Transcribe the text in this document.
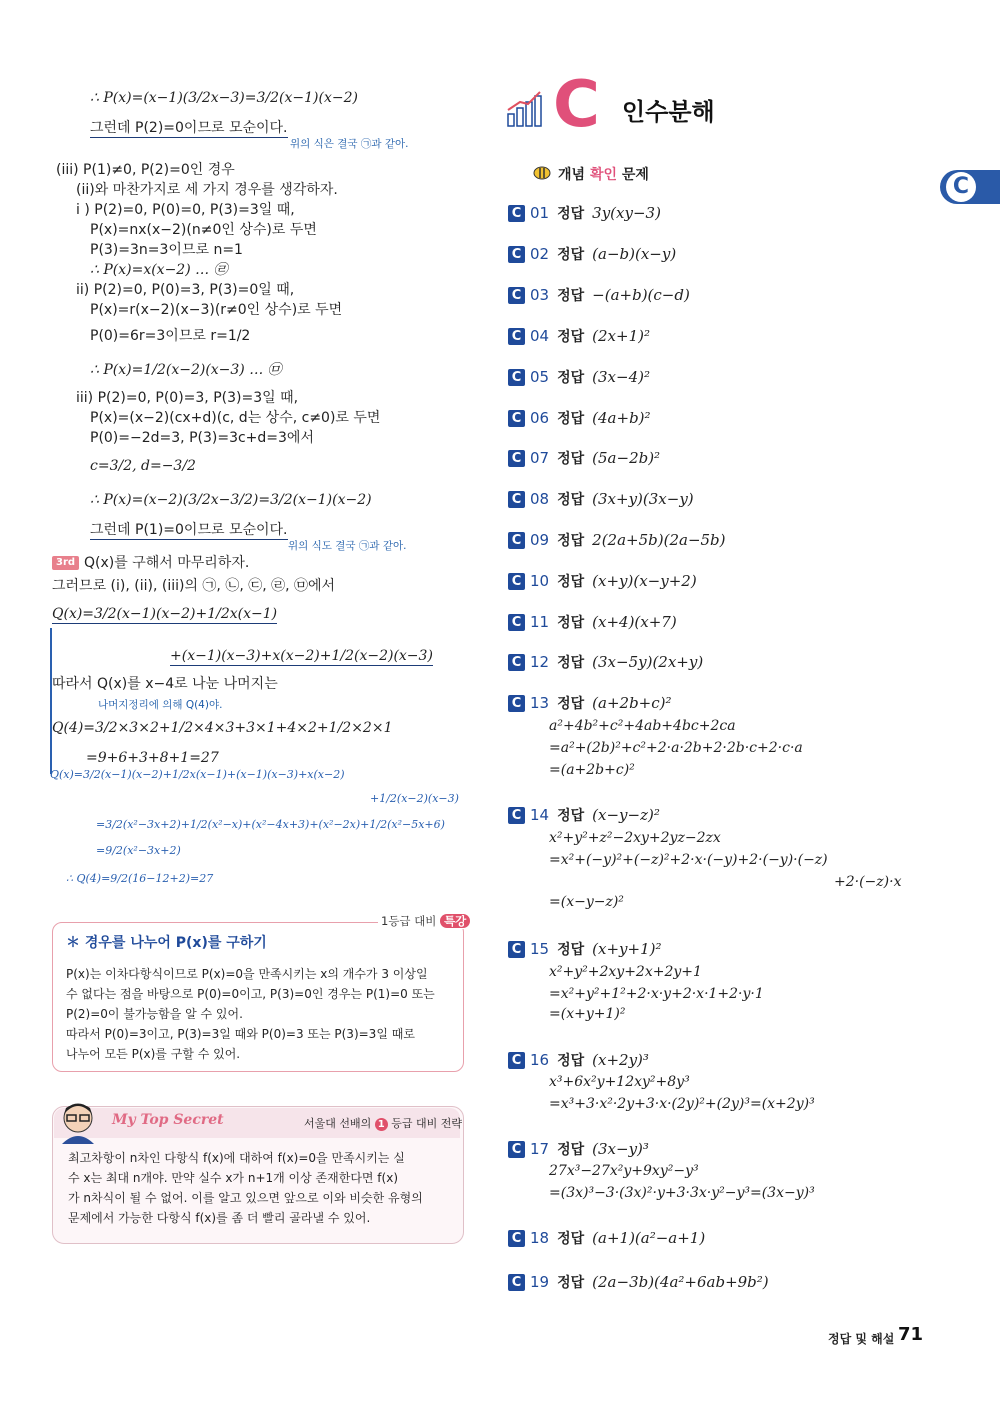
∴ P(x)=(x−1)(3/2x−3)=3/2(x−1)(x−2)
그런데 P(2)=0이므로 모순이다.
위의 식은 결국 ㉠과 같아.
(iii) P(1)≠0, P(2)=0인 경우
(ii)와 마찬가지로 세 가지 경우를 생각하자.
i ) P(2)=0, P(0)=0, P(3)=3일 때,
P(x)=nx(x−2)(n≠0인 상수)로 두면
P(3)=3n=3이므로 n=1
∴ P(x)=x(x−2) … ㉣
ii) P(2)=0, P(0)=3, P(3)=0일 때,
P(x)=r(x−2)(x−3)(r≠0인 상수)로 두면
P(0)=6r=3이므로 r=1/2
∴ P(x)=1/2(x−2)(x−3) … ㉤
iii) P(2)=0, P(0)=3, P(3)=3일 때,
P(x)=(x−2)(cx+d)(c, d는 상수, c≠0)로 두면
P(0)=−2d=3, P(3)=3c+d=3에서
c=3/2, d=−3/2
∴ P(x)=(x−2)(3/2x−3/2)=3/2(x−1)(x−2)
그런데 P(1)=0이므로 모순이다.
위의 식도 결국 ㉠과 같아.
3rd Q(x)를 구해서 마무리하자.
그러므로 (i), (ii), (iii)의 ㉠, ㉡, ㉢, ㉣, ㉤에서
Q(x)=3/2(x−1)(x−2)+1/2x(x−1)
+(x−1)(x−3)+x(x−2)+1/2(x−2)(x−3)
따라서 Q(x)를 x−4로 나눈 나머지는
나머지정리에 의해 Q(4)야.
Q(4)=3/2×3×2+1/2×4×3+3×1+4×2+1/2×2×1
=9+6+3+8+1=27
Q(x)=3/2(x−1)(x−2)+1/2x(x−1)+(x−1)(x−3)+x(x−2)
+1/2(x−2)(x−3)
=3/2(x²−3x+2)+1/2(x²−x)+(x²−4x+3)+(x²−2x)+1/2(x²−5x+6)
=9/2(x²−3x+2)
∴ Q(4)=9/2(16−12+2)=27
1등급 대비 특강
＊ 경우를 나누어 P(x)를 구하기
P(x)는 이차다항식이므로 P(x)=0을 만족시키는 x의 개수가 3 이상일
수 없다는 점을 바탕으로 P(0)=0이고, P(3)=0인 경우는 P(1)=0 또는
P(2)=0이 불가능함을 알 수 있어.
따라서 P(0)=3이고, P(3)=3일 때와 P(0)=3 또는 P(3)=3일 때로
나누어 모든 P(x)를 구할 수 있어.
My Top Secret	서울대 선배의 1 등급 대비 전략
최고차항이 n차인 다항식 f(x)에 대하여 f(x)=0을 만족시키는 실
수 x는 최대 n개야. 만약 실수 x가 n+1개 이상 존재한다면 f(x)
가 n차식이 될 수 없어. 이를 알고 있으면 앞으로 이와 비슷한 유형의
문제에서 가능한 다항식 f(x)를 좀 더 빨리 골라낼 수 있어.
C 인수분해
개념 확인 문제	C
C 01 정답 3y(xy−3)
C 02 정답 (a−b)(x−y)
C 03 정답 −(a+b)(c−d)
C 04 정답 (2x+1)²
C 05 정답 (3x−4)²
C 06 정답 (4a+b)²
C 07 정답 (5a−2b)²
C 08 정답 (3x+y)(3x−y)
C 09 정답 2(2a+5b)(2a−5b)
C 10 정답 (x+y)(x−y+2)
C 11 정답 (x+4)(x+7)
C 12 정답 (3x−5y)(2x+y)
C 13 정답 (a+2b+c)²
a²+4b²+c²+4ab+4bc+2ca
=a²+(2b)²+c²+2·a·2b+2·2b·c+2·c·a
=(a+2b+c)²
C 14 정답 (x−y−z)²
x²+y²+z²−2xy+2yz−2zx
=x²+(−y)²+(−z)²+2·x·(−y)+2·(−y)·(−z)
+2·(−z)·x
=(x−y−z)²
C 15 정답 (x+y+1)²
x²+y²+2xy+2x+2y+1
=x²+y²+1²+2·x·y+2·x·1+2·y·1
=(x+y+1)²
C 16 정답 (x+2y)³
x³+6x²y+12xy²+8y³
=x³+3·x²·2y+3·x·(2y)²+(2y)³=(x+2y)³
C 17 정답 (3x−y)³
27x³−27x²y+9xy²−y³
=(3x)³−3·(3x)²·y+3·3x·y²−y³=(3x−y)³
C 18 정답 (a+1)(a²−a+1)
C 19 정답 (2a−3b)(4a²+6ab+9b²)
정답 및 해설 71
